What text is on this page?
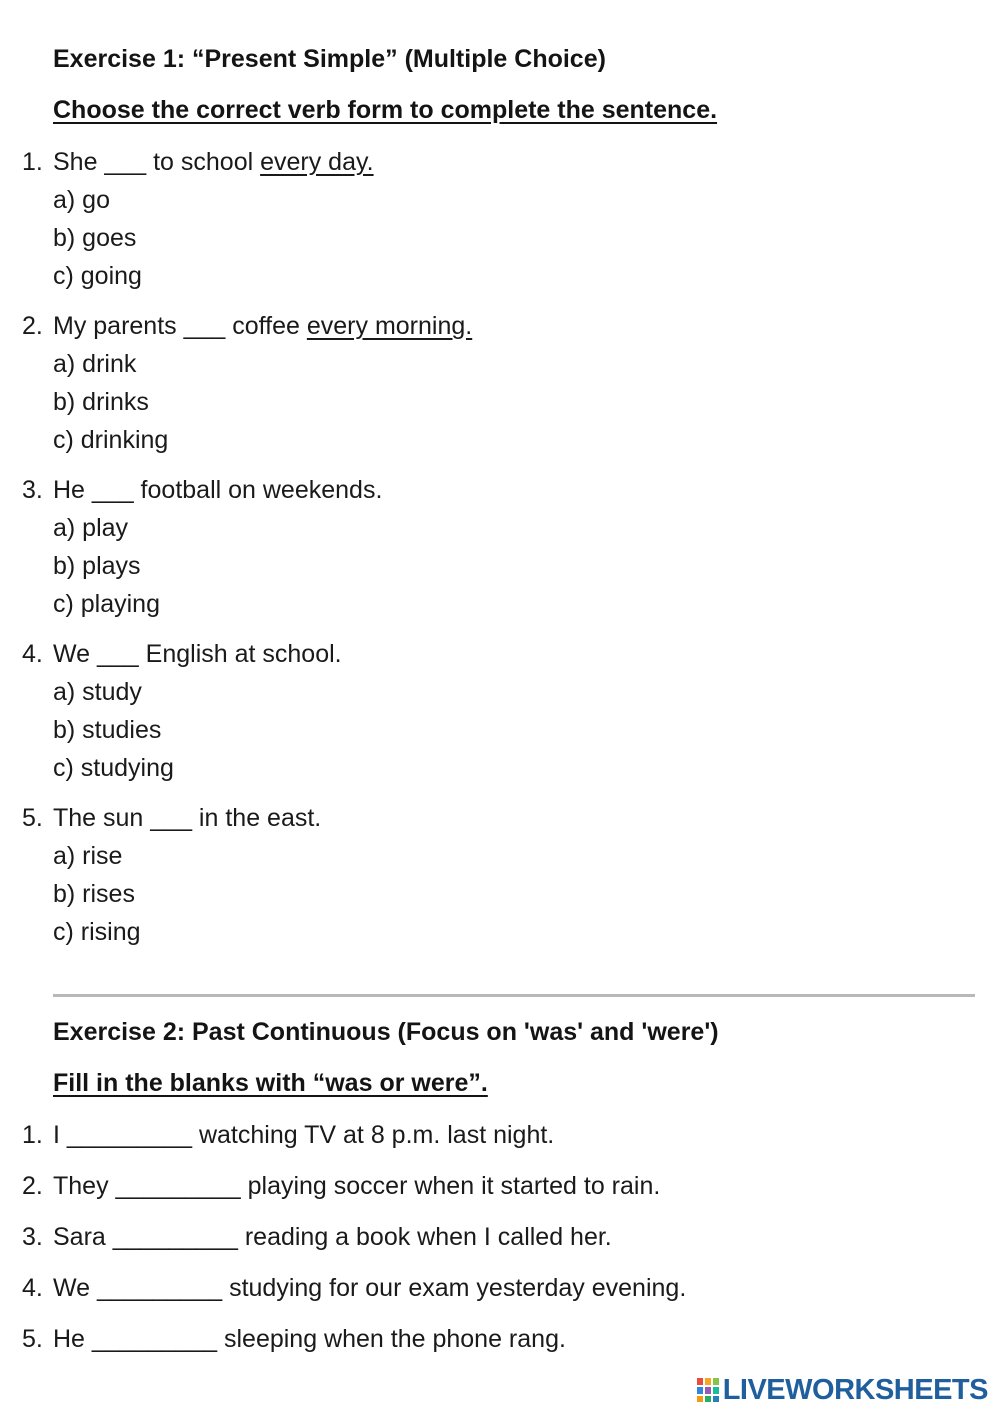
Exercise 1: “Present Simple” (Multiple Choice)

Choose the correct verb form to complete the sentence.

1. She ___ to school every day.

a) go

b) goes

c) going

2. My parents ___ coffee every morning.

a) drink

b) drinks

c) drinking

3. He ___ football on weekends.

a) play

b) plays

c) playing

4. We ___ English at school.

a) study

b) studies

c) studying

5. The sun ___ in the east.

a) rise

b) rises

c) rising

Exercise 2: Past Continuous (Focus on 'was' and 'were')

Fill in the blanks with “was or were”.

1. I _________ watching TV at 8 p.m. last night.

2. They _________ playing soccer when it started to rain.

3. Sara _________ reading a book when I called her.

4. We _________ studying for our exam yesterday evening.

5. He _________ sleeping when the phone rang.

LIVEWORKSHEETS
